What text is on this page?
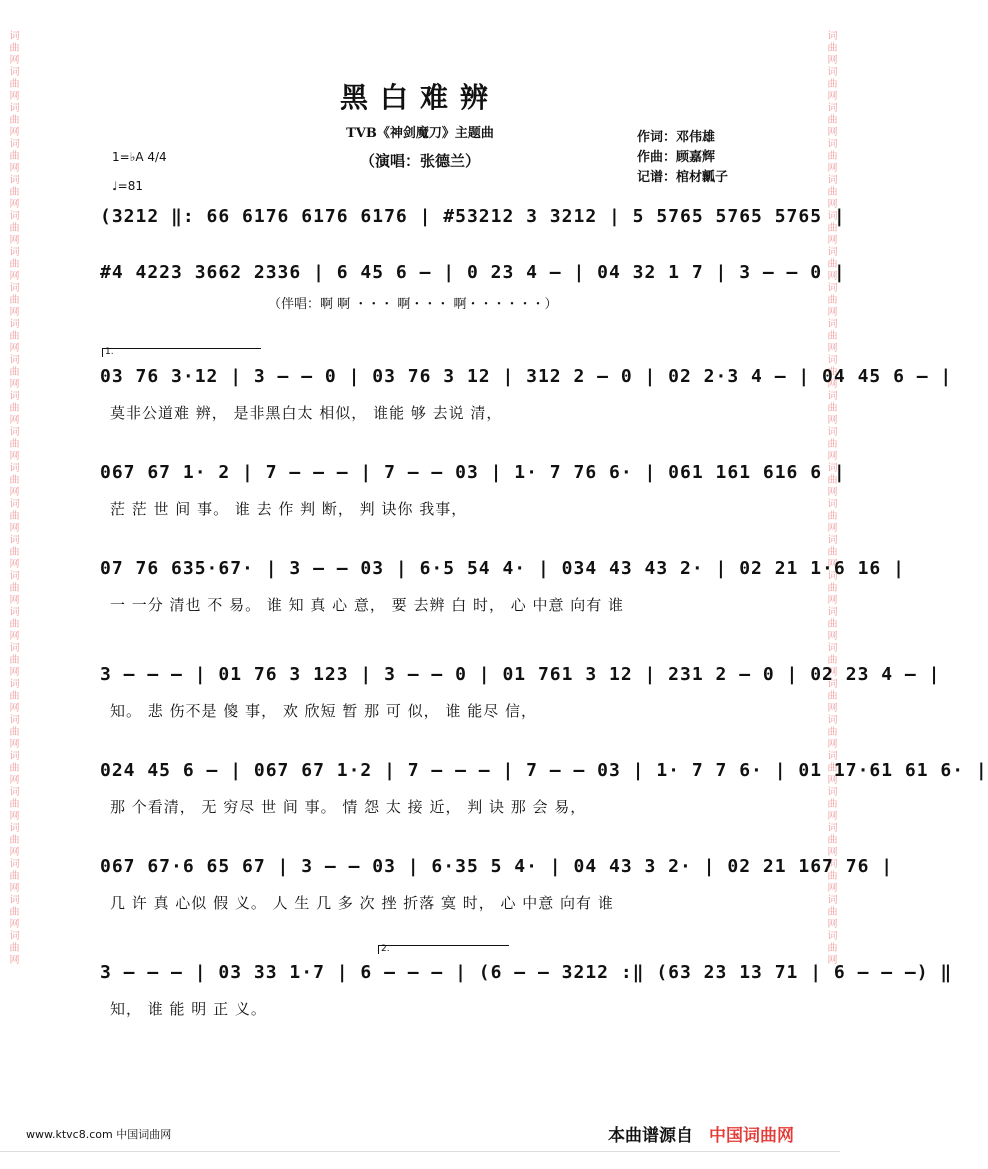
词曲网词曲网词曲网词曲网词曲网词曲网词曲网词曲网词曲网词曲网词曲网词曲网词曲网词曲网词曲网词曲网词曲网词曲网词曲网词曲网词曲网词曲网词曲网词曲网词曲网词曲网	词曲网词曲网词曲网词曲网词曲网词曲网词曲网词曲网词曲网词曲网词曲网词曲网词曲网词曲网词曲网词曲网词曲网词曲网词曲网词曲网词曲网词曲网词曲网词曲网词曲网词曲网
黑白难辨
TVB《神剑魔刀》主题曲
（演唱：张德兰）
作词：邓伟雄
作曲：顾嘉辉
记谱：棺材瓤子
1=♭A 4/4
♩=81
(3212 ‖: 66 6176 6176 6176 | #53212 3 3212 | 5 5765 5765 5765 |
#4 4223 3662 2336 | 6 45 6 – | 0 23 4 – | 04 32 1 7 | 3 – – 0 |
（伴唱：啊 啊 ・・・ 啊・・・ 啊・・・・・・）
1.
03 76 3·12 | 3 – – 0 | 03 76 3 12 | 312 2 – 0 | 02 2·3 4 – | 04 45 6 – |
莫非公道难 辨， 是非黑白太 相似， 谁能 够 去说 清，
067 67 1· 2 | 7 – – – | 7 – – 03 | 1· 7 76 6· | 061 161 616 6 |
茫 茫 世 间 事。 谁 去 作 判 断， 判 诀你 我事，
07 76 635·67· | 3 – – 03 | 6·5 54 4· | 034 43 43 2· | 02 21 1·6 16 |
一 一分 清也 不 易。 谁 知 真 心 意， 要 去辨 白 时， 心 中意 向有 谁
3 – – – | 01 76 3 123 | 3 – – 0 | 01 761 3 12 | 231 2 – 0 | 02 23 4 – |
知。 悲 伤不是 傻 事， 欢 欣短 暂 那 可 似， 谁 能尽 信，
024 45 6 – | 067 67 1·2 | 7 – – – | 7 – – 03 | 1· 7 7 6· | 01 17·61 61 6· |
那 个看清， 无 穷尽 世 间 事。 情 怨 太 接 近， 判 诀 那 会 易，
067 67·6 65 67 | 3 – – 03 | 6·35 5 4· | 04 43 3 2· | 02 21 167 76 |
几 许 真 心似 假 义。 人 生 几 多 次 挫 折落 寞 时， 心 中意 向有 谁
2.
3 – – – | 03 33 1·7 | 6 – – – | (6 – – 3212 :‖ (63 23 13 71 | 6 – – –) ‖
知， 谁 能 明 正 义。
www.ktvc8.com 中国词曲网	本曲谱源自 中国词曲网
